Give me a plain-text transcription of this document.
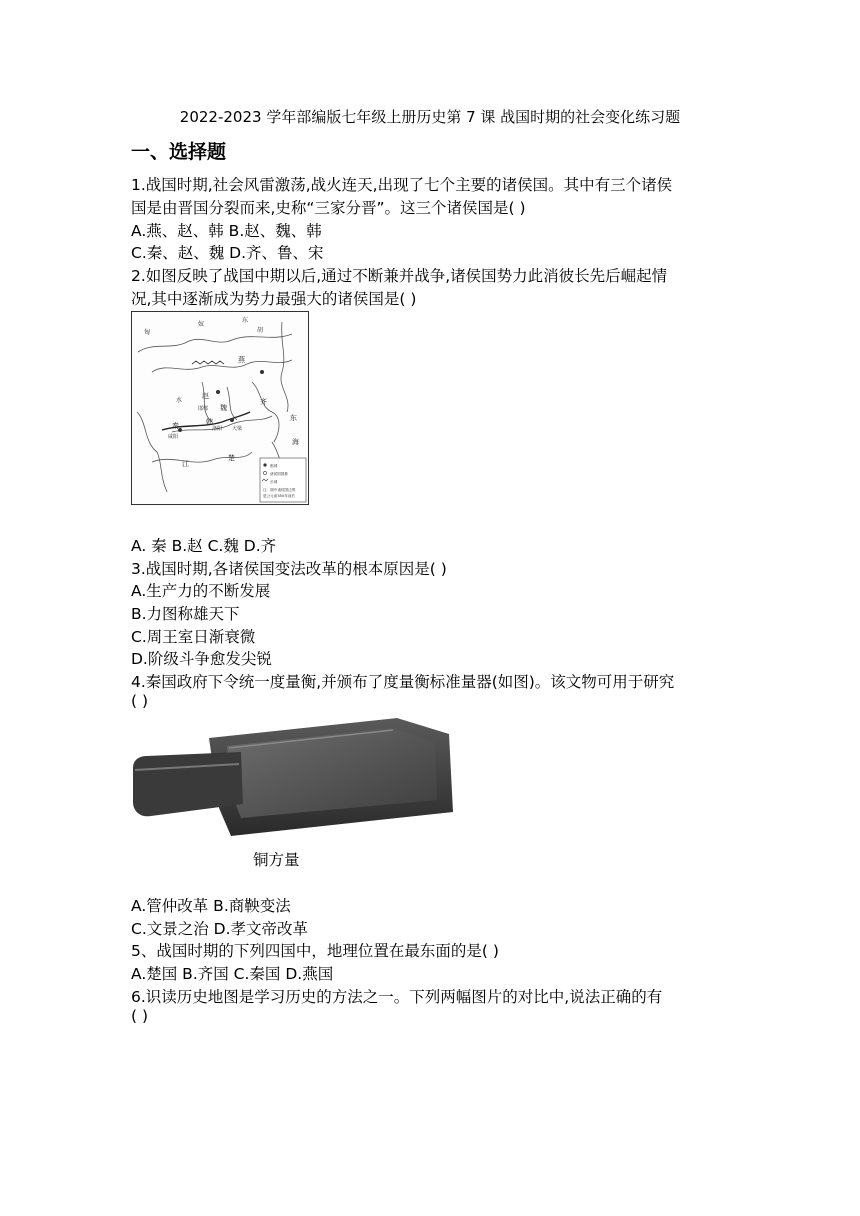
2022-2023 学年部编版七年级上册历史第 7 课 战国时期的社会变化练习题
一、选择题
1.战国时期,社会风雷激荡,战火连天,出现了七个主要的诸侯国。其中有三个诸侯
国是由晋国分裂而来,史称“三家分晋”。这三个诸侯国是( )
A.燕、赵、韩 B.赵、魏、韩
C.秦、赵、魏 D.齐、鲁、宋
2.如图反映了战国中期以后,通过不断兼并战争,诸侯国势力此消彼长先后崛起情
况,其中逐渐成为势力最强大的诸侯国是( )
匈
奴
东
胡
燕
赵
齐
秦
魏
韩
楚
东
海
江
邯郸
大梁
咸阳
洛阳
水
都城
诸侯国国都
长城
注：图中诸侯国边界
是公元前350年前后
A. 秦 B.赵 C.魏 D.齐
3.战国时期,各诸侯国变法改革的根本原因是( )
A.生产力的不断发展
B.力图称雄天下
C.周王室日渐衰微
D.阶级斗争愈发尖锐
4.秦国政府下令统一度量衡,并颁布了度量衡标准量器(如图)。该文物可用于研究
( )
铜方量
A.管仲改革 B.商鞅变法
C.文景之治 D.孝文帝改革
5、战国时期的下列四国中，地理位置在最东面的是( )
A.楚国 B.齐国 C.秦国 D.燕国
6.识读历史地图是学习历史的方法之一。下列两幅图片的对比中,说法正确的有
( )
